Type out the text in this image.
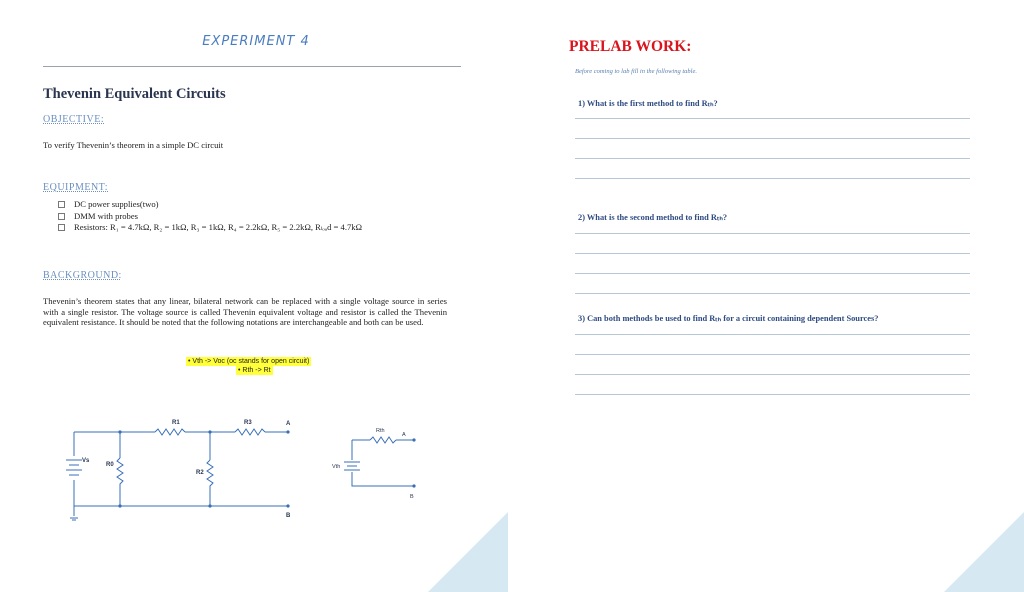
EXPERIMENT 4
Thevenin Equivalent Circuits
OBJECTIVE:
To verify Thevenin’s theorem in a simple DC circuit
EQUIPMENT:
DC power supplies(two)
DMM with probes
Resistors: R₁ = 4.7kΩ, R₂ = 1kΩ, R₃ = 1kΩ, R₄ = 2.2kΩ, R₅ = 2.2kΩ, Rₗₒₐd = 4.7kΩ
BACKGROUND:
Thevenin’s theorem states that any linear, bilateral network can be replaced with a single voltage source in series with a single resistor. The voltage source is called Thevenin equivalent voltage and resistor is called the Thevenin equivalent resistance. It should be noted that the following notations are interchangeable and both can be used.
• Vth -> Voc (oc stands for open circuit)
• Rth -> Rt
R1	R3	A
Vs
R0
R2
B
Rth
A
Vth
B
PRELAB WORK:
Before coming to lab fill in the following table.
1) What is the first method to find Rₜₕ?
2) What is the second method to find Rₜₕ?
3) Can both methods be used to find Rₜₕ for a circuit containing dependent Sources?
